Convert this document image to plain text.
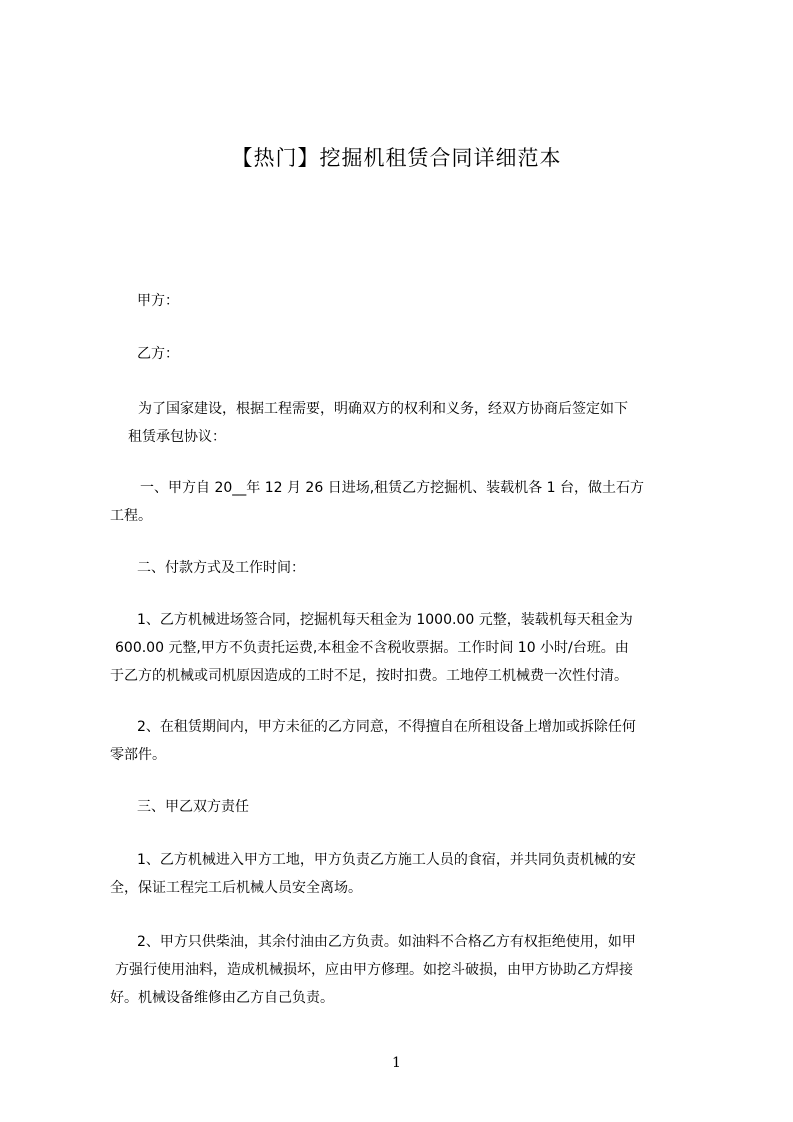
【热门】挖掘机租赁合同详细范本
甲方：
乙方：
为了国家建设，根据工程需要，明确双方的权利和义务，经双方协商后签定如下
租赁承包协议：
一、甲方自 20__年 12 月 26 日进场,租赁乙方挖掘机、装载机各 1 台，做土石方
工程。
二、付款方式及工作时间：
1、乙方机械进场签合同，挖掘机每天租金为 1000.00 元整，装载机每天租金为
600.00 元整,甲方不负责托运费,本租金不含税收票据。工作时间 10 小时/台班。由
于乙方的机械或司机原因造成的工时不足，按时扣费。工地停工机械费一次性付清。
2、在租赁期间内，甲方未征的乙方同意，不得擅自在所租设备上增加或拆除任何
零部件。
三、甲乙双方责任
1、乙方机械进入甲方工地，甲方负责乙方施工人员的食宿，并共同负责机械的安
全，保证工程完工后机械人员安全离场。
2、甲方只供柴油，其余付油由乙方负责。如油料不合格乙方有权拒绝使用，如甲
方强行使用油料，造成机械损坏，应由甲方修理。如挖斗破损，由甲方协助乙方焊接
好。机械设备维修由乙方自己负责。
1
